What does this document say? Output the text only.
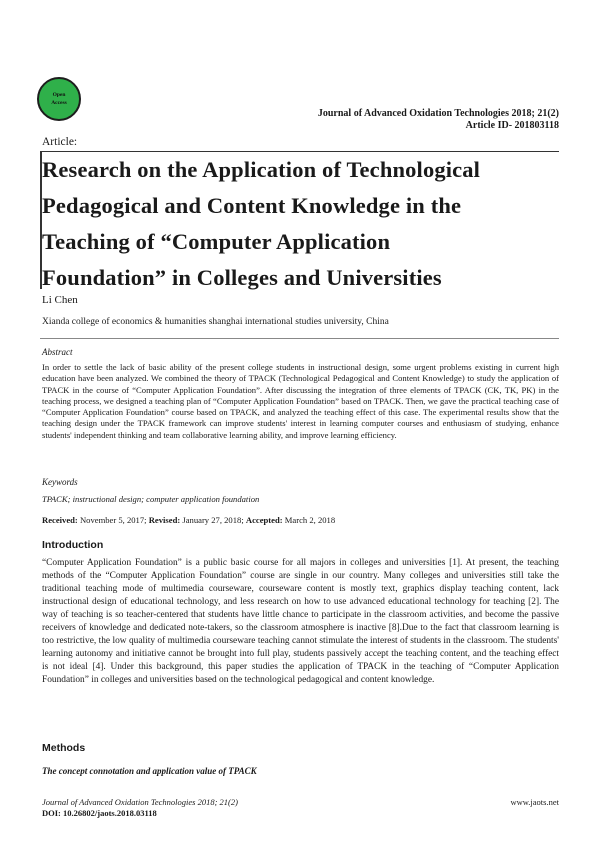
Open
Access
Journal of Advanced Oxidation Technologies 2018; 21(2)
Article ID- 201803118
Article:
Research on the Application of Technological
Pedagogical and Content Knowledge in the
Teaching of “Computer Application
Foundation” in Colleges and Universities
Li Chen
Xianda college of economics & humanities shanghai international studies university, China
Abstract

In order to settle the lack of basic ability of the present college students in instructional design, some urgent problems existing in current high education have been analyzed. We combined the theory of TPACK (Technological Pedagogical and Content Knowledge) to study the application of TPACK in the course of “Computer Application Foundation”. After discussing the integration of three elements of TPACK (CK, TK, PK) in the teaching process, we designed a teaching plan of “Computer Application Foundation” based on TPACK. Then, we gave the practical teaching case of “Computer Application Foundation” course based on TPACK, and analyzed the teaching effect of this case. The experimental results show that the teaching design under the TPACK framework can improve students' interest in learning computer courses and enthusiasm of studying, enhance students' independent thinking and team collaborative learning ability, and improve learning efficiency.

Keywords
TPACK; instructional design; computer application foundation
Received: November 5, 2017; Revised: January 27, 2018; Accepted: March 2, 2018
Introduction

“Computer Application Foundation” is a public basic course for all majors in colleges and universities [1]. At present, the teaching methods of the “Computer Application Foundation” course are single in our country. Many colleges and universities still take the traditional teaching mode of multimedia courseware, courseware content is mostly text, graphics display teaching content, lack instructional design of educational technology, and less research on how to use advanced educational technology for teaching [2]. The way of teaching is so teacher-centered that students have little chance to participate in the classroom activities, and become the passive receivers of knowledge and dedicated note-takers, so the classroom atmosphere is inactive [8].Due to the fact that classroom learning is too restrictive, the low quality of multimedia courseware teaching cannot stimulate the interest of students in the classroom. The students' learning autonomy and initiative cannot be brought into full play, students passively accept the teaching content, and the teaching effect is not ideal [4]. Under this background, this paper studies the application of TPACK in the teaching of “Computer Application Foundation” in colleges and universities based on the technological pedagogical and content knowledge.

Methods
The concept connotation and application value of TPACK
Journal of Advanced Oxidation Technologies 2018; 21(2)
DOI: 10.26802/jaots.2018.03118
www.jaots.net
